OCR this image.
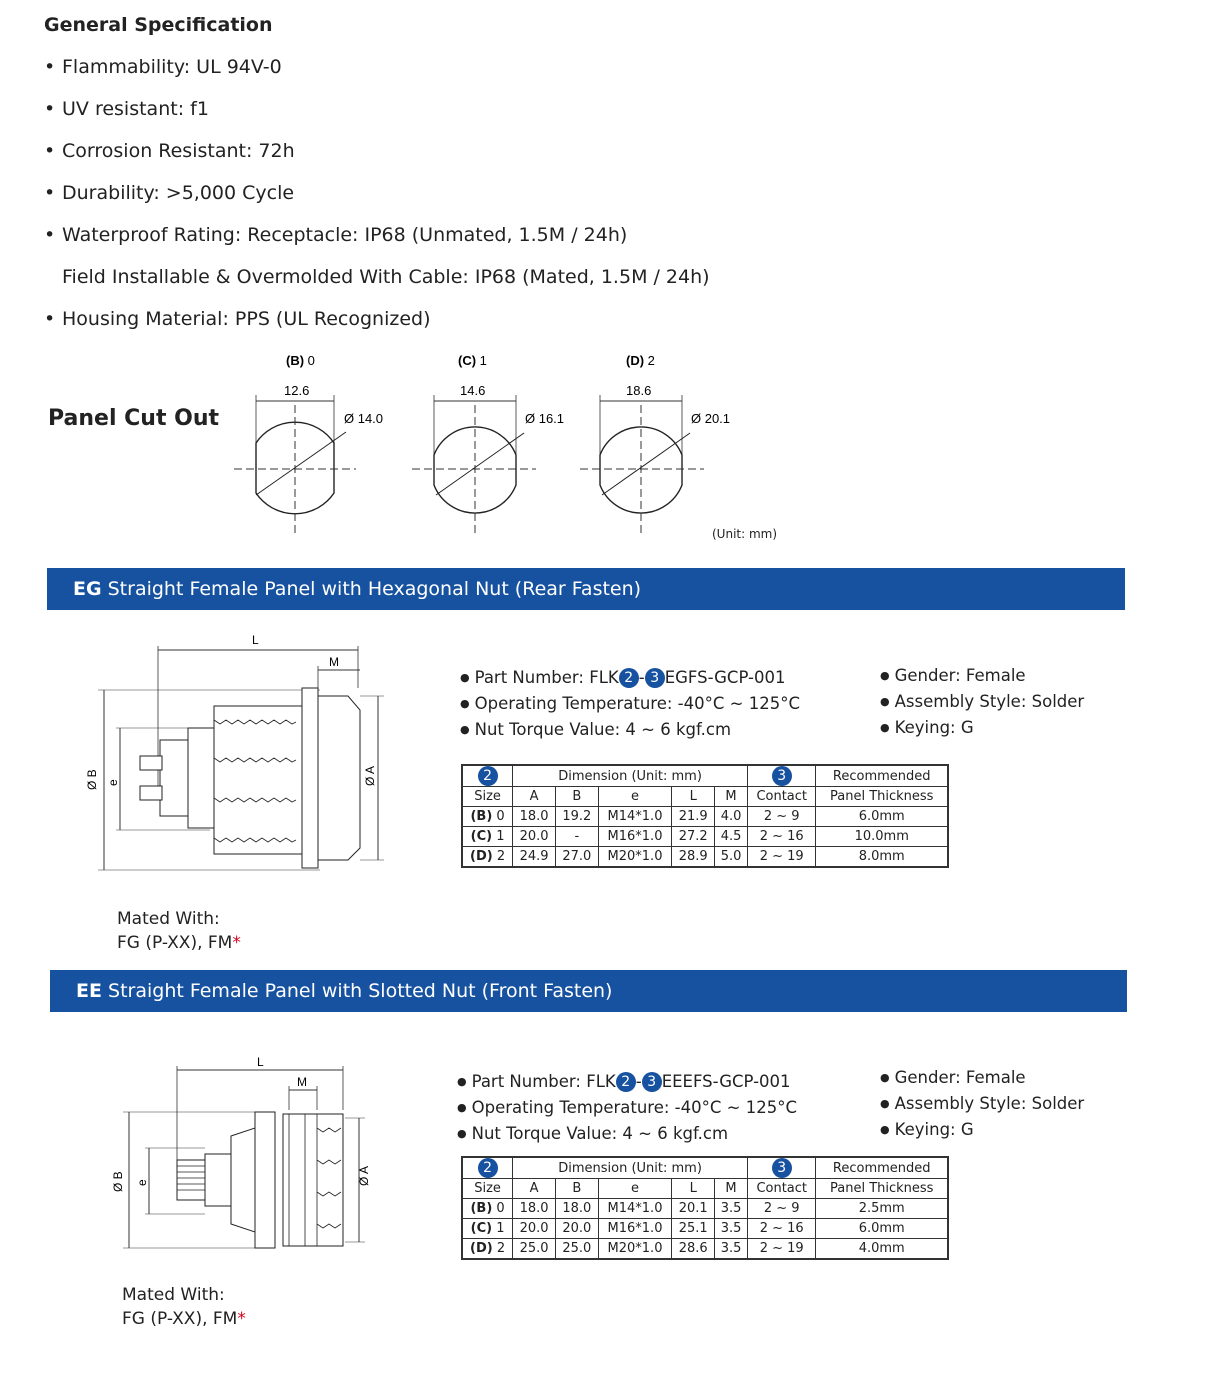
General Specification
• Flammability: UL 94V-0
• UV resistant: f1
• Corrosion Resistant: 72h
• Durability: >5,000 Cycle
• Waterproof Rating: Receptacle: IP68 (Unmated, 1.5M / 24h)
Field Installable & Overmolded With Cable: IP68 (Mated, 1.5M / 24h)
• Housing Material: PPS (UL Recognized)
Panel Cut Out
(B) 0
12.6
Ø 14.0
(C) 1
14.6
Ø 16.1
(D) 2
18.6
Ø 20.1
(Unit: mm)
EG Straight Female Panel with Hexagonal Nut (Rear Fasten)
L
M
Ø B e	Ø A
● Part Number: FLK 2 - 3 EGFS-GCP-001
● Operating Temperature: -40°C ~ 125°C
● Nut Torque Value: 4 ~ 6 kgf.cm
● Gender: Female
● Assembly Style: Solder
● Keying: G
2	Dimension (Unit: mm)					3	Recommended
Size	A	B	e	L	M	Contact	Panel Thickness
(B) 0	18.0	19.2	M14*1.0	21.9	4.0	2 ~ 9	6.0mm
(C) 1	20.0	-	M16*1.0	27.2	4.5	2 ~ 16	10.0mm
(D) 2	24.9	27.0	M20*1.0	28.9	5.0	2 ~ 19	8.0mm
Mated With:
FG (P-XX), FM*
EE Straight Female Panel with Slotted Nut (Front Fasten)
L
M
Ø B e	Ø A
● Part Number: FLK 2 - 3 EEEFS-GCP-001
● Operating Temperature: -40°C ~ 125°C
● Nut Torque Value: 4 ~ 6 kgf.cm
● Gender: Female
● Assembly Style: Solder
● Keying: G
2	Dimension (Unit: mm)					3	Recommended
Size	A	B	e	L	M	Contact	Panel Thickness
(B) 0	18.0	18.0	M14*1.0	20.1	3.5	2 ~ 9	2.5mm
(C) 1	20.0	20.0	M16*1.0	25.1	3.5	2 ~ 16	6.0mm
(D) 2	25.0	25.0	M20*1.0	28.6	3.5	2 ~ 19	4.0mm
Mated With:
FG (P-XX), FM*
